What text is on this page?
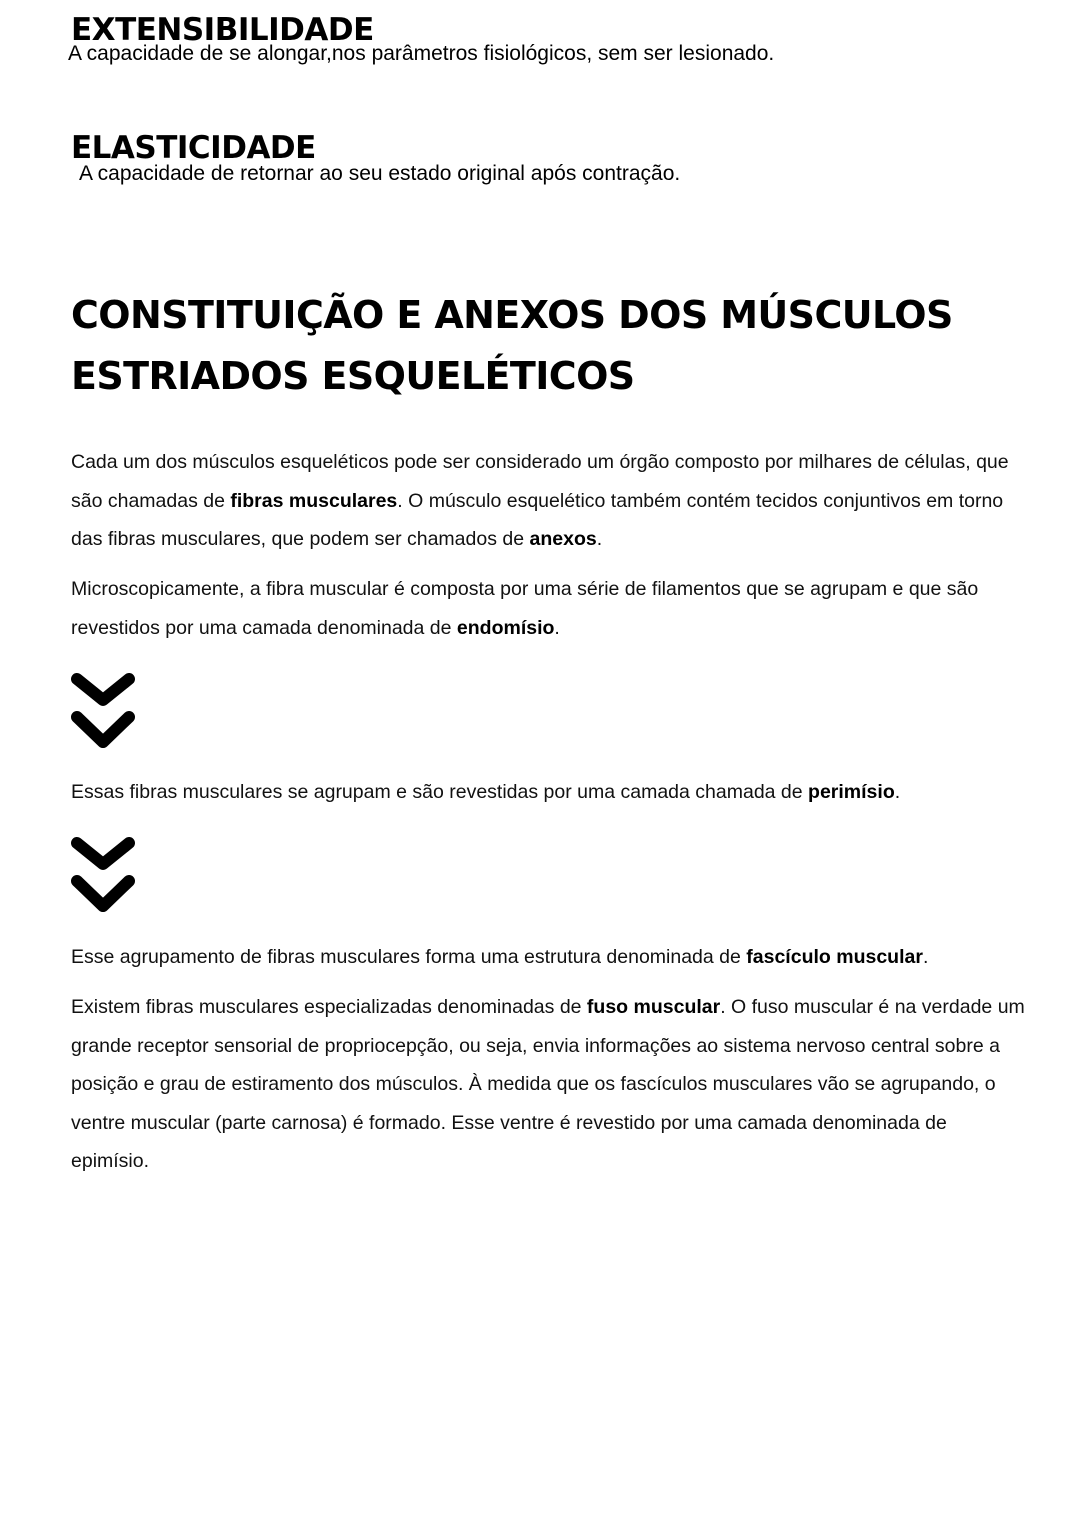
EXTENSIBILIDADE

A capacidade de se alongar,nos parâmetros fisiológicos, sem ser lesionado.

ELASTICIDADE

A capacidade de retornar ao seu estado original após contração.

CONSTITUIÇÃO E ANEXOS DOS MÚSCULOS
ESTRIADOS ESQUELÉTICOS

Cada um dos músculos esqueléticos pode ser considerado um órgão composto por milhares de células, que são chamadas de fibras musculares. O músculo esquelético também contém tecidos conjuntivos em torno das fibras musculares, que podem ser chamados de anexos.

Microscopicamente, a fibra muscular é composta por uma série de filamentos que se agrupam e que são revestidos por uma camada denominada de endomísio.

Essas fibras musculares se agrupam e são revestidas por uma camada chamada de perimísio.

Esse agrupamento de fibras musculares forma uma estrutura denominada de fascículo muscular.

Existem fibras musculares especializadas denominadas de fuso muscular. O fuso muscular é na verdade um grande receptor sensorial de propriocepção, ou seja, envia informações ao sistema nervoso central sobre a posição e grau de estiramento dos músculos. À medida que os fascículos musculares vão se agrupando, o ventre muscular (parte carnosa) é formado. Esse ventre é revestido por uma camada denominada de epimísio.
